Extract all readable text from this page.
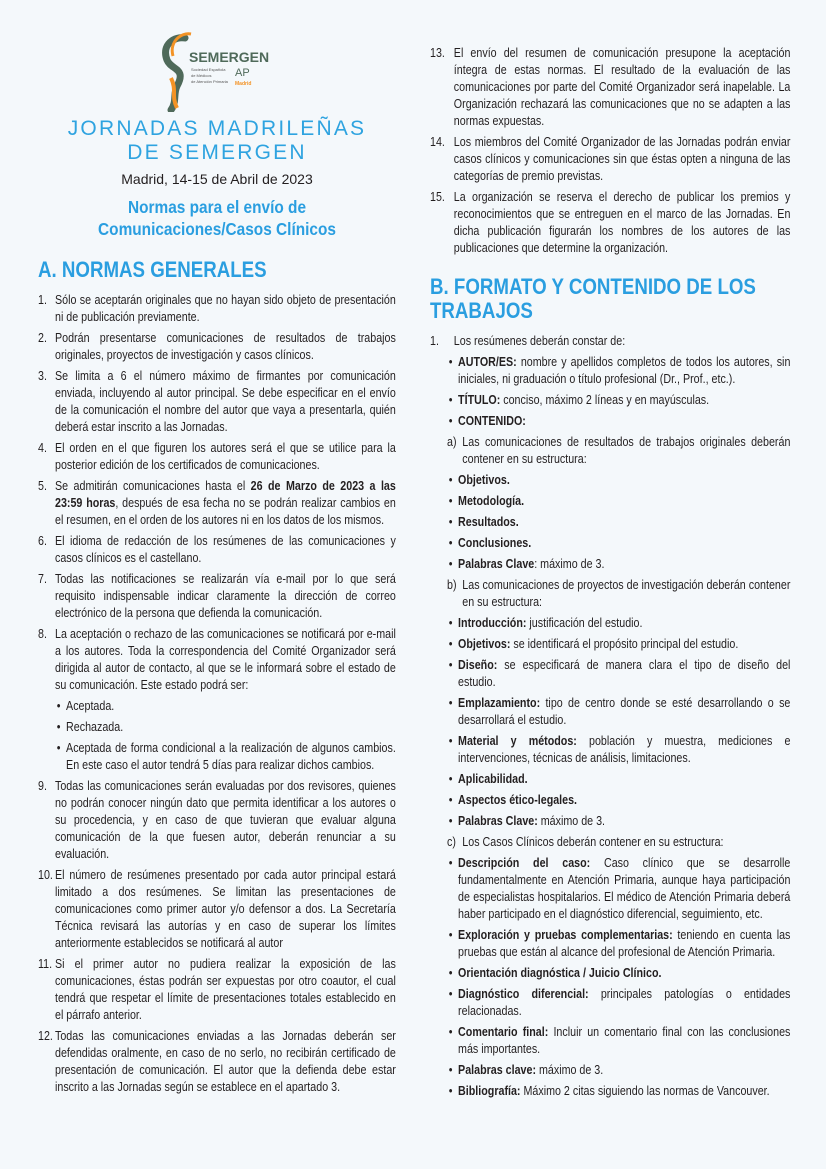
SEMERGEN
Sociedad Española
de Médicos
de Atención Primaria
AP
Madrid
JORNADAS MADRILEÑAS
DE SEMERGEN
Madrid, 14-15 de Abril de 2023
Normas para el envío de
Comunicaciones/Casos Clínicos
A. NORMAS GENERALES
1. Sólo se aceptarán originales que no hayan sido objeto de presentación ni de publicación previamente.
2. Podrán presentarse comunicaciones de resultados de trabajos originales, proyectos de investigación y casos clínicos.
3. Se limita a 6 el número máximo de firmantes por comunicación enviada, incluyendo al autor principal. Se debe especificar en el envío de la comunicación el nombre del autor que vaya a presentarla, quién deberá estar inscrito a las Jornadas.
4. El orden en el que figuren los autores será el que se utilice para la posterior edición de los certificados de comunicaciones.
5. Se admitirán comunicaciones hasta el 26 de Marzo de 2023 a las 23:59 horas, después de esa fecha no se podrán realizar cambios en el resumen, en el orden de los autores ni en los datos de los mismos.
6. El idioma de redacción de los resúmenes de las comunicaciones y casos clínicos es el castellano.
7. Todas las notificaciones se realizarán vía e-mail por lo que será requisito indispensable indicar claramente la dirección de correo electrónico de la persona que defienda la comunicación.
8. La aceptación o rechazo de las comunicaciones se notificará por e-mail a los autores. Toda la correspondencia del Comité Organizador será dirigida al autor de contacto, al que se le informará sobre el estado de su comunicación. Este estado podrá ser:
• Aceptada.
• Rechazada.
• Aceptada de forma condicional a la realización de algunos cambios. En este caso el autor tendrá 5 días para realizar dichos cambios.
9. Todas las comunicaciones serán evaluadas por dos revisores, quienes no podrán conocer ningún dato que permita identificar a los autores o su procedencia, y en caso de que tuvieran que evaluar alguna comunicación de la que fuesen autor, deberán renunciar a su evaluación.
10. El número de resúmenes presentado por cada autor principal estará limitado a dos resúmenes. Se limitan las presentaciones de comunicaciones como primer autor y/o defensor a dos. La Secretaría Técnica revisará las autorías y en caso de superar los límites anteriormente establecidos se notificará al autor
11. Si el primer autor no pudiera realizar la exposición de las comunicaciones, éstas podrán ser expuestas por otro coautor, el cual tendrá que respetar el límite de presentaciones totales establecido en el párrafo anterior.
12. Todas las comunicaciones enviadas a las Jornadas deberán ser defendidas oralmente, en caso de no serlo, no recibirán certificado de presentación de comunicación. El autor que la defienda debe estar inscrito a las Jornadas según se establece en el apartado 3.
13. El envío del resumen de comunicación presupone la aceptación íntegra de estas normas. El resultado de la evaluación de las comunicaciones por parte del Comité Organizador será inapelable. La Organización rechazará las comunicaciones que no se adapten a las normas expuestas.
14. Los miembros del Comité Organizador de las Jornadas podrán enviar casos clínicos y comunicaciones sin que éstas opten a ninguna de las categorías de premio previstas.
15. La organización se reserva el derecho de publicar los premios y reconocimientos que se entreguen en el marco de las Jornadas. En dicha publicación figurarán los nombres de los autores de las publicaciones que determine la organización.
B. FORMATO Y CONTENIDO DE LOS TRABAJOS
1. Los resúmenes deberán constar de:
• AUTOR/ES: nombre y apellidos completos de todos los autores, sin iniciales, ni graduación o título profesional (Dr., Prof., etc.).
• TÍTULO: conciso, máximo 2 líneas y en mayúsculas.
• CONTENIDO:
a) Las comunicaciones de resultados de trabajos originales deberán contener en su estructura:
• Objetivos.
• Metodología.
• Resultados.
• Conclusiones.
• Palabras Clave: máximo de 3.
b) Las comunicaciones de proyectos de investigación deberán contener en su estructura:
• Introducción: justificación del estudio.
• Objetivos: se identificará el propósito principal del estudio.
• Diseño: se especificará de manera clara el tipo de diseño del estudio.
• Emplazamiento: tipo de centro donde se esté desarrollando o se desarrollará el estudio.
• Material y métodos: población y muestra, mediciones e intervenciones, técnicas de análisis, limitaciones.
• Aplicabilidad.
• Aspectos ético-legales.
• Palabras Clave: máximo de 3.
c) Los Casos Clínicos deberán contener en su estructura:
• Descripción del caso: Caso clínico que se desarrolle fundamentalmente en Atención Primaria, aunque haya participación de especialistas hospitalarios. El médico de Atención Primaria deberá haber participado en el diagnóstico diferencial, seguimiento, etc.
• Exploración y pruebas complementarias: teniendo en cuenta las pruebas que están al alcance del profesional de Atención Primaria.
• Orientación diagnóstica / Juicio Clínico.
• Diagnóstico diferencial: principales patologías o entidades relacionadas.
• Comentario final: Incluir un comentario final con las conclusiones más importantes.
• Palabras clave: máximo de 3.
• Bibliografía: Máximo 2 citas siguiendo las normas de Vancouver.
